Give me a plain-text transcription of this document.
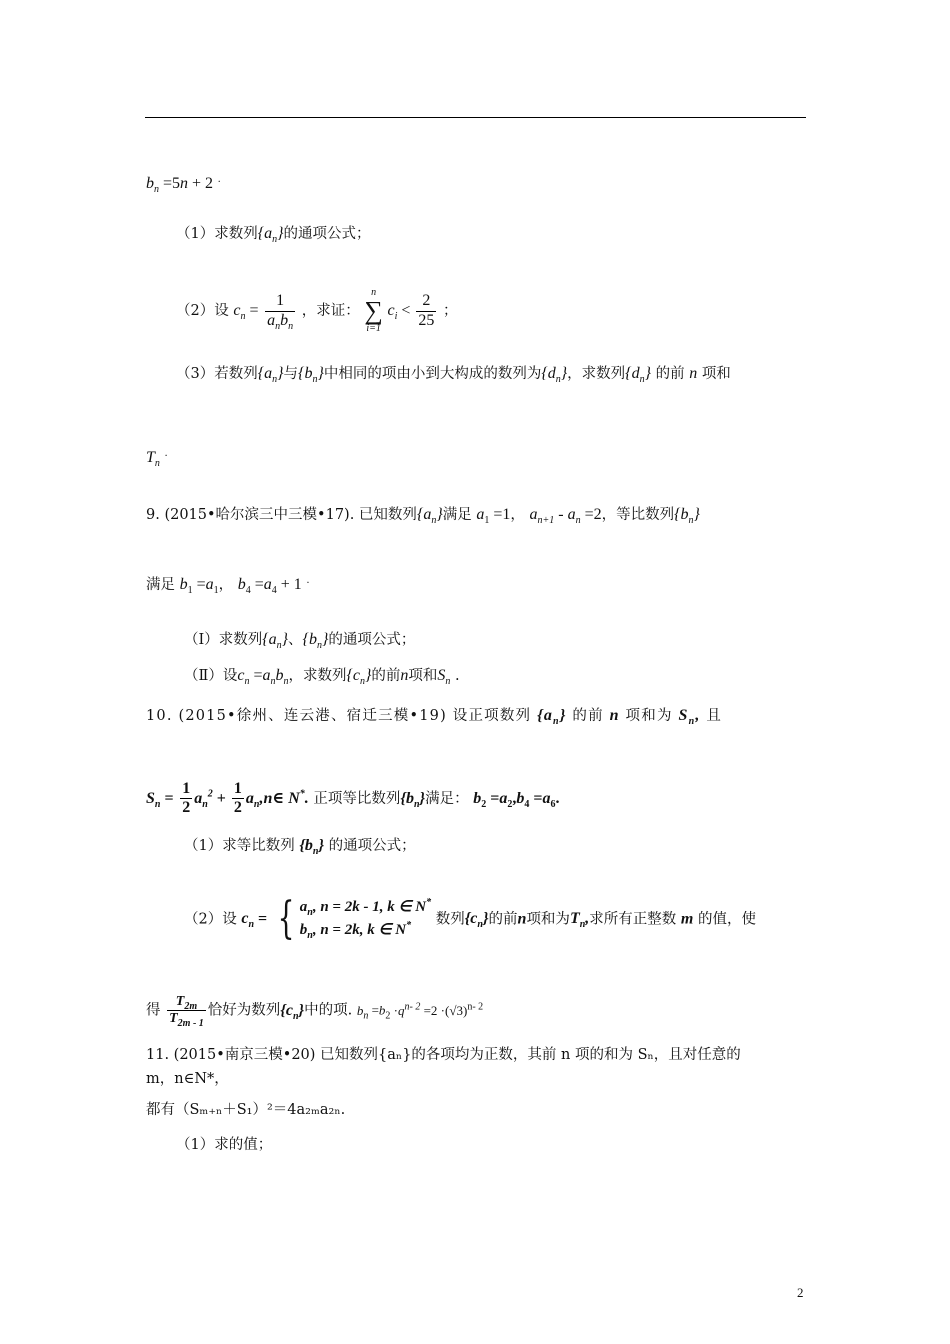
$b_n =5n + 2$ .
（1）求数列$\{a_n\}$的通项公式；
（2）设 $c_n = \frac{1}{a_nb_n}$ ，求证：
n
∑
i=1
$c_i < \frac{2}{25}$ ；
（3）若数列$\{a_n\}$与$\{b_n\}$中相同的项由小到大构成的数列为$\{d_n\}$，求数列$\{d_n\}$ 的前 n 项和
$T_n$ .
9. (2015•哈尔滨三中三模•17). 已知数列$\{a_n\}$满足 $a_1 =1$， $a_{n+1} - a_n =2$，等比数列$\{b_n\}$
满足 $b_1 =a_1$， $b_4 =a_4 + 1$ .
（Ⅰ）求数列$\{a_n\}$、$\{b_n\}$的通项公式；
（Ⅱ）设$c_n =a_nb_n$，求数列$\{c_n\}$的前n项和$S_n$ .
10. (2015•徐州、连云港、宿迁三模•19) 设正项数列 $\{a_n\}$ 的前 n 项和为 $S_n$, 且
$S_n = \frac{1}{2} a_n^2 + \frac{1}{2}$ $a_n,n\in$ N*. 正项等比数列$\{b_n\}$满足： $b_2 =a_2,b_4 =a_6$.
（1）求等比数列 $\{b_n\}$ 的通项公式；
（2）设 $c_n$ = { $a_n$, n = 2k - 1, k ∈ N*
$b_n$, n = 2k, k ∈ N*	数列$\{c_n\}$的前n项和为$T_n$,求所有正整数 m 的值，使
得 $\frac{T_{2m}}{T_{2m - 1}}$ 恰好为数列$\{c_n\}$中的项. $b_n =b_2 \cdot q^{n- 2} =2 \cdot(√3)^{n- 2}$
11. (2015•南京三模•20) 已知数列{aₙ}的各项均为正数，其前 n 项的和为 Sₙ，且对任意的
m，n∈N*，
都有（Sₘ₊ₙ＋S₁）²＝4a₂ₘa₂ₙ.
（1）求的值；
2
